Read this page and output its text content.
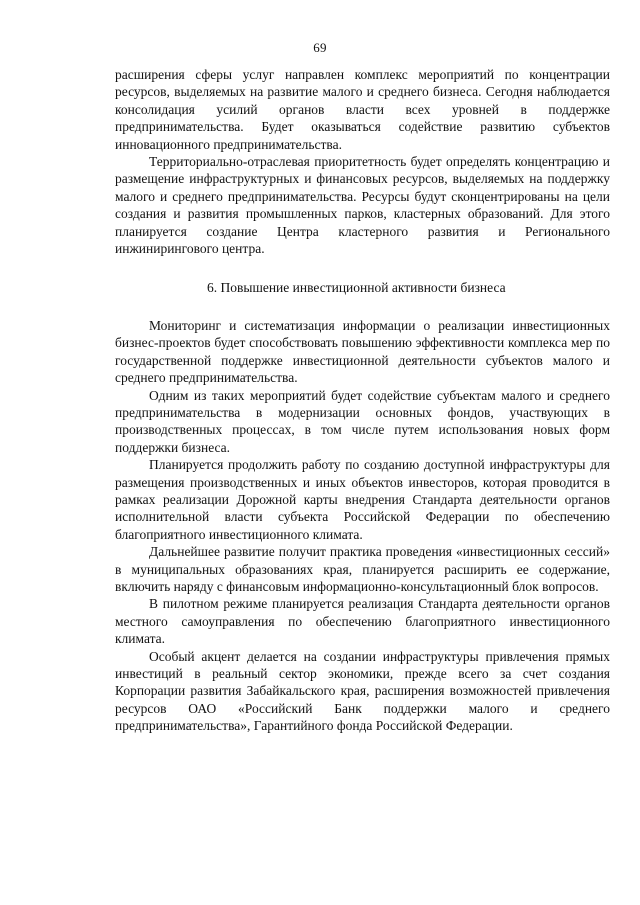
69

расширения сферы услуг направлен комплекс мероприятий по концентрации ресурсов, выделяемых на развитие малого и среднего бизнеса. Сегодня наблюдается консолидация усилий органов власти всех уровней в поддержке предпринимательства. Будет оказываться содействие развитию субъектов инновационного предпринимательства.

Территориально-отраслевая приоритетность будет определять концентрацию и размещение инфраструктурных и финансовых ресурсов, выделяемых на поддержку малого и среднего предпринимательства. Ресурсы будут сконцентрированы на цели создания и развития промышленных парков, кластерных образований. Для этого планируется создание Центра кластерного развития и Регионального инжинирингового центра.

6. Повышение инвестиционной активности бизнеса

Мониторинг и систематизация информации о реализации инвестиционных бизнес-проектов будет способствовать повышению эффективности комплекса мер по государственной поддержке инвестиционной деятельности субъектов малого и среднего предпринимательства.

Одним из таких мероприятий будет содействие субъектам малого и среднего предпринимательства в модернизации основных фондов, участвующих в производственных процессах, в том числе путем использования новых форм поддержки бизнеса.

Планируется продолжить работу по созданию доступной инфраструктуры для размещения производственных и иных объектов инвесторов, которая проводится в рамках реализации Дорожной карты внедрения Стандарта деятельности органов исполнительной власти субъекта Российской Федерации по обеспечению благоприятного инвестиционного климата.

Дальнейшее развитие получит практика проведения «инвестиционных сессий» в муниципальных образованиях края, планируется расширить ее содержание, включить наряду с финансовым информационно-консультационный блок вопросов.

В пилотном режиме планируется реализация Стандарта деятельности органов местного самоуправления по обеспечению благоприятного инвестиционного климата.

Особый акцент делается на создании инфраструктуры привлечения прямых инвестиций в реальный сектор экономики, прежде всего за счет создания Корпорации развития Забайкальского края, расширения возможностей привлечения ресурсов ОАО «Российский Банк поддержки малого и среднего предпринимательства», Гарантийного фонда Российской Федерации.
